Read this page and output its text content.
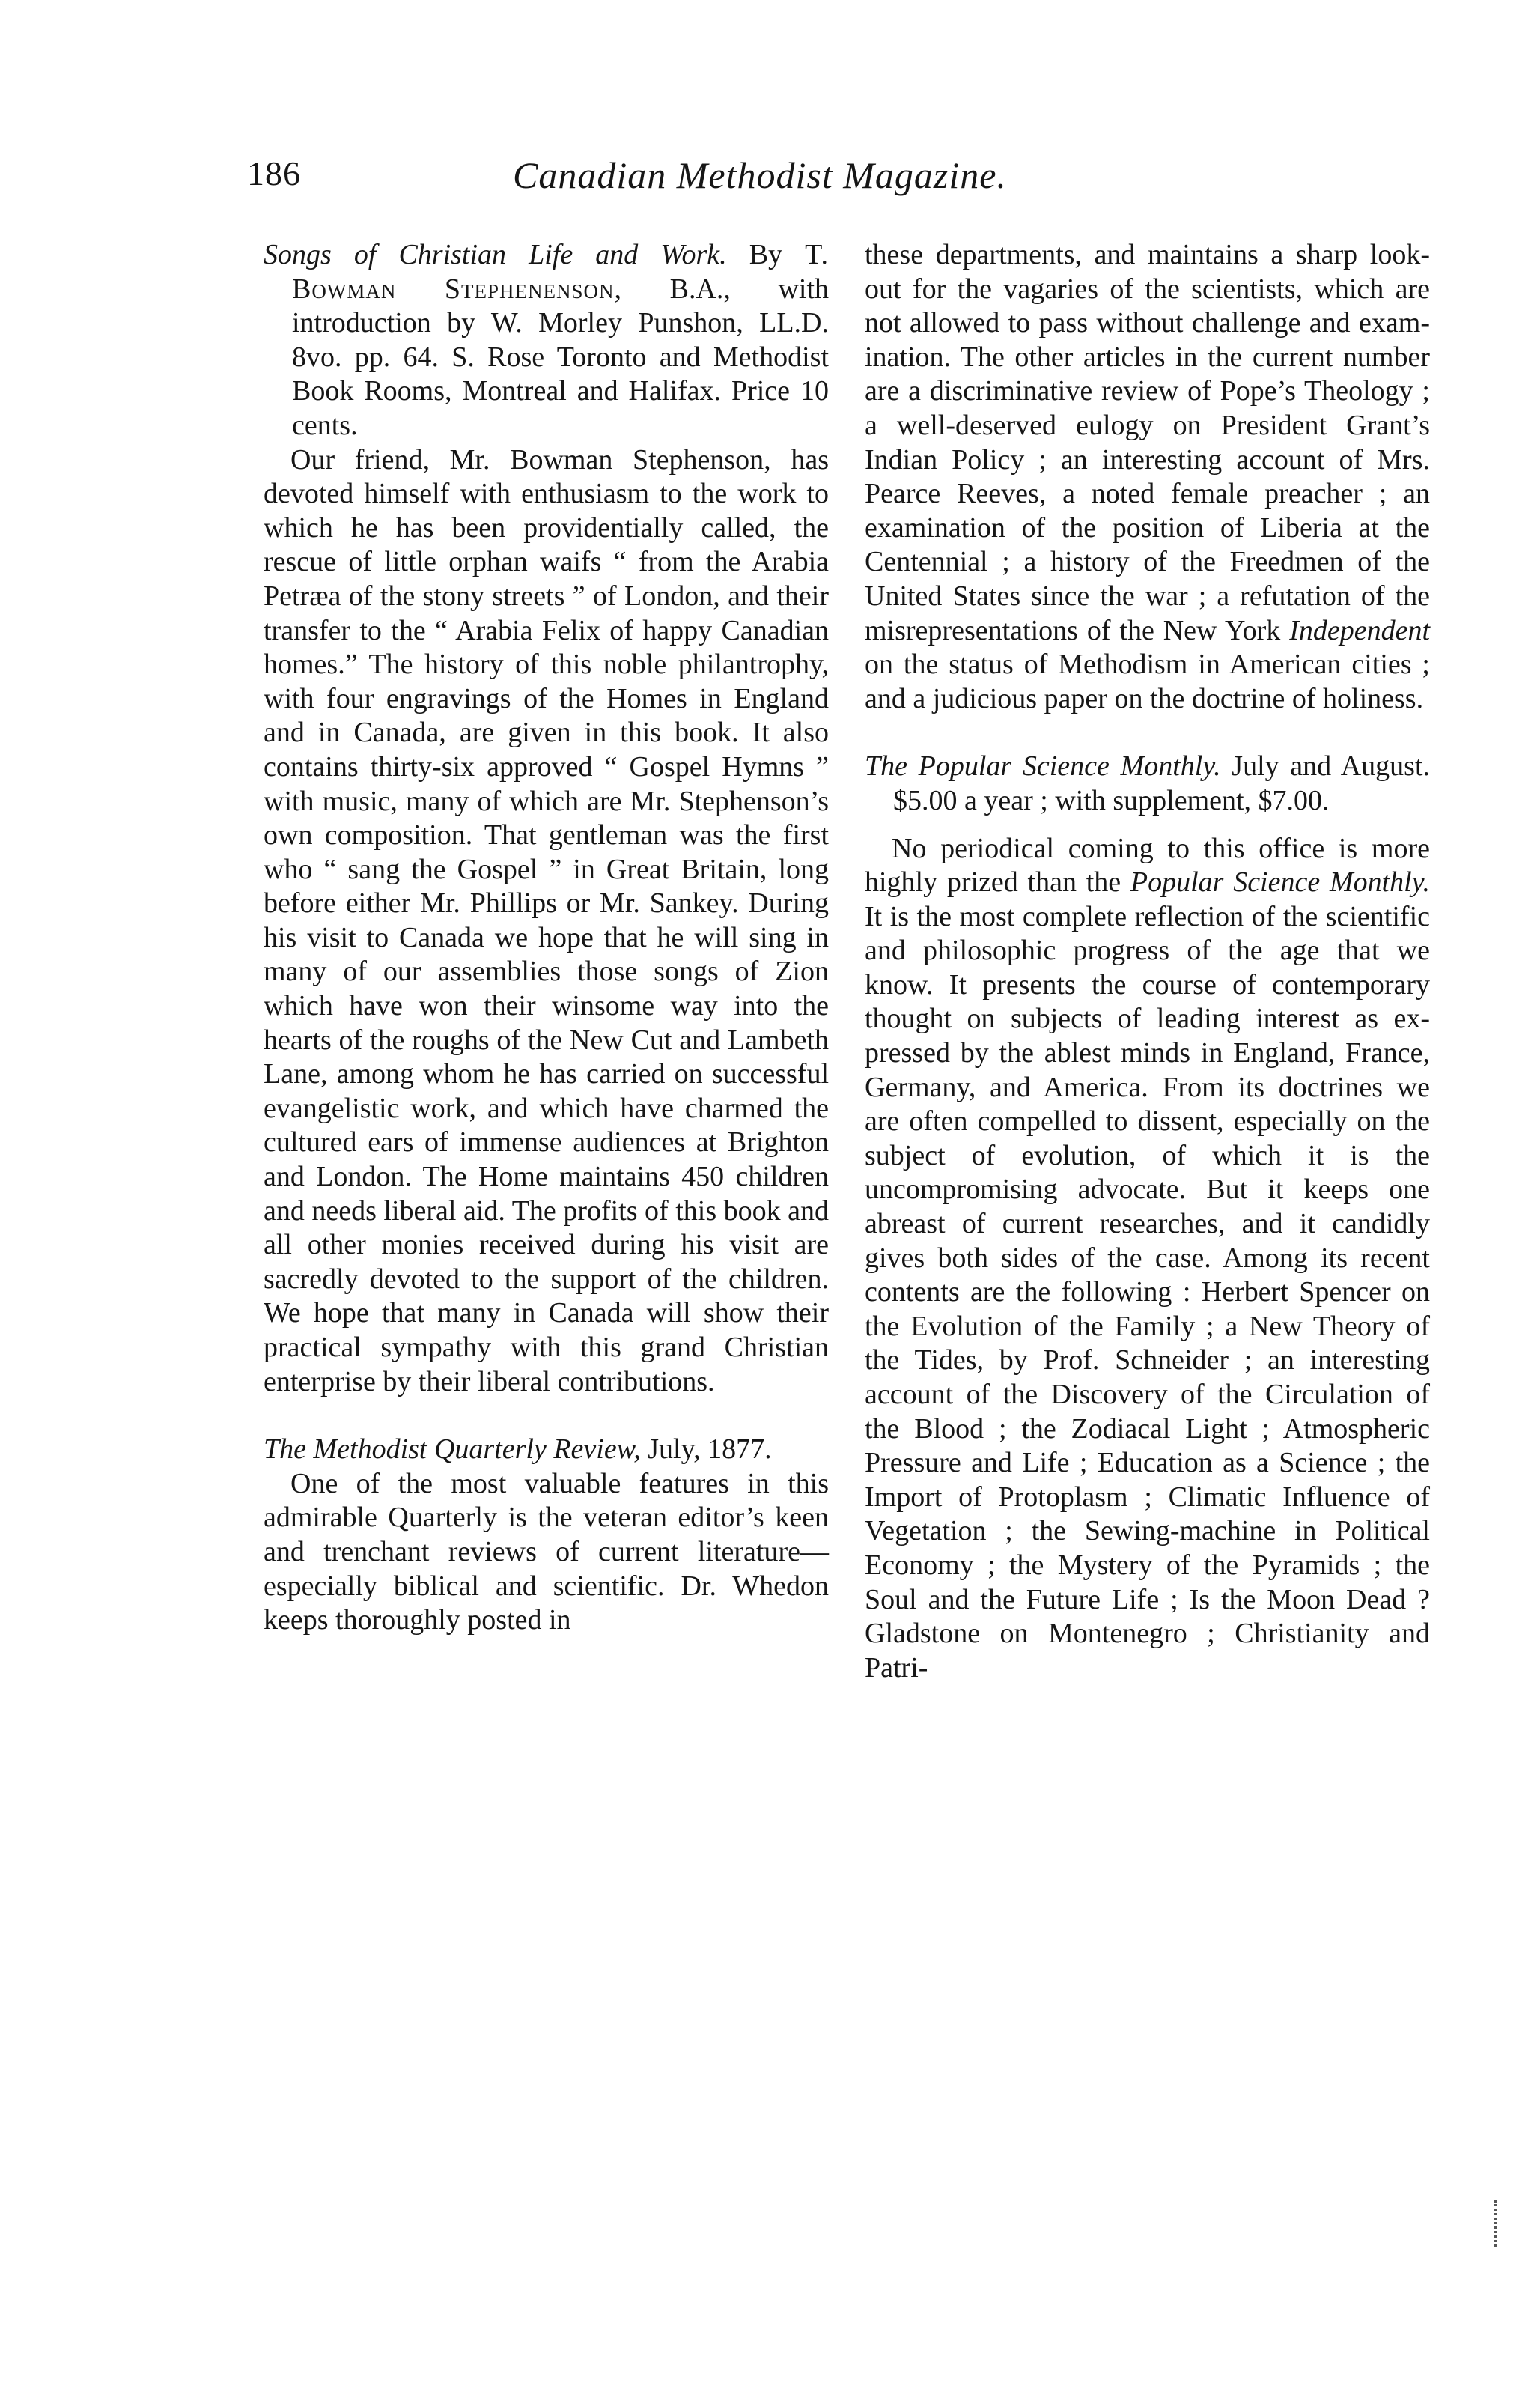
186	Canadian Methodist Magazine.

Songs of Christian Life and Work. By T. Bowman Stephenenson, B.A., with introduction by W. Morley Punshon, LL.D. 8vo. pp. 64. S. Rose Toronto and Methodist Book Rooms, Montreal and Halifax. Price 10 cents.

Our friend, Mr. Bowman Stephenson, has devoted himself with enthusiasm to the work to which he has been providentially called, the rescue of little orphan waifs “ from the Arabia Petræa of the stony streets ” of London, and their transfer to the “ Arabia Felix of happy Canadian homes.” The history of this noble philantrophy, with four engravings of the Homes in England and in Canada, are given in this book. It also contains thirty-six approved “ Gospel Hymns ” with music, many of which are Mr. Stephenson’s own composition. That gentleman was the first who “ sang the Gospel ” in Great Britain, long before either Mr. Phillips or Mr. Sankey. During his visit to Canada we hope that he will sing in many of our assemblies those songs of Zion which have won their winsome way into the hearts of the roughs of the New Cut and Lambeth Lane, among whom he has carried on successful evangelistic work, and which have charmed the cultured ears of immense audiences at Brighton and London. The Home maintains 450 children and needs liberal aid. The profits of this book and all other monies received during his visit are sacredly devoted to the support of the children. We hope that many in Canada will show their practical sympathy with this grand Christian enterprise by their liberal contributions.

The Methodist Quarterly Review, July, 1877.

One of the most valuable features in this admirable Quarterly is the veteran editor’s keen and trenchant reviews of current literature—especially biblical and scientific. Dr. Whedon keeps thoroughly posted in

these departments, and maintains a sharp look-out for the vagaries of the scientists, which are not allowed to pass without challenge and examination. The other articles in the current number are a discriminative review of Pope’s Theology ; a well-deserved eulogy on President Grant’s Indian Policy ; an interesting account of Mrs. Pearce Reeves, a noted female preacher ; an examination of the position of Liberia at the Centennial ; a history of the Freedmen of the United States since the war ; a refutation of the misrepresentations of the New York Independent on the status of Methodism in American cities ; and a judicious paper on the doctrine of holiness.

The Popular Science Monthly. July and August. $5.00 a year ; with supplement, $7.00.

No periodical coming to this office is more highly prized than the Popular Science Monthly. It is the most complete reflection of the scientific and philosophic progress of the age that we know. It presents the course of contemporary thought on subjects of leading interest as expressed by the ablest minds in England, France, Germany, and America. From its doctrines we are often compelled to dissent, especially on the subject of evolution, of which it is the uncompromising advocate. But it keeps one abreast of current researches, and it candidly gives both sides of the case. Among its recent contents are the following : Herbert Spencer on the Evolution of the Family ; a New Theory of the Tides, by Prof. Schneider ; an interesting account of the Discovery of the Circulation of the Blood ; the Zodiacal Light ; Atmospheric Pressure and Life ; Education as a Science ; the Import of Protoplasm ; Climatic Influence of Vegetation ; the Sewing-machine in Political Economy ; the Mystery of the Pyramids ; the Soul and the Future Life ; Is the Moon Dead ? Gladstone on Montenegro ; Christianity and Patri-
